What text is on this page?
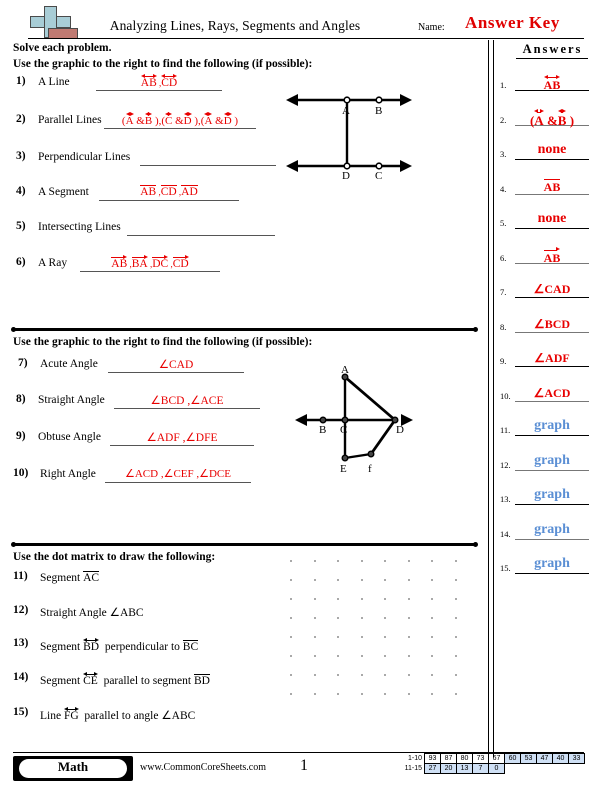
Analyzing Lines, Rays, Segments and Angles	Name: Answer Key
Solve each problem.
Use the graphic to the right to find the following (if possible):
1) A Line	AB ,
CD
2) Parallel Lines	(
A &
B ),(
C &
D ),(
A &
D )
3) Perpendicular Lines
4) A Segment	AB ,CD ,AD
5) Intersecting Lines
6) A Ray	AB ,BA ,DC ,CD
A B
D C
Use the graphic to the right to find the following (if possible):
7) Acute Angle	∠CAD
8) Straight Angle	∠BCD ,∠ACE
9) Obtuse Angle	∠ADF ,∠DFE
10) Right Angle	∠ACD ,∠CEF ,∠DCE
A
B C	D
E f
Use the dot matrix to draw the following:
11) Segment AC
12) Straight Angle ∠ABC
13) Segment
BD  perpendicular to BC
14) Segment
CE  parallel to segment BD
15) Line
FG  parallel to angle ∠ABC
Answers
1.	AB
2.	(
A &
B )
3.	none
4.	AB
5.	none
6.	AB
7.	∠CAD
8.	∠BCD
9.	∠ADF
10.	∠ACD
11.	graph
12.	graph
13.	graph
14.	graph
15.	graph
Math	www.CommonCoreSheets.com 1	1-10	93	87	80	73	67	60	53	47	40	33
11-15	27	20	13	7	0					
